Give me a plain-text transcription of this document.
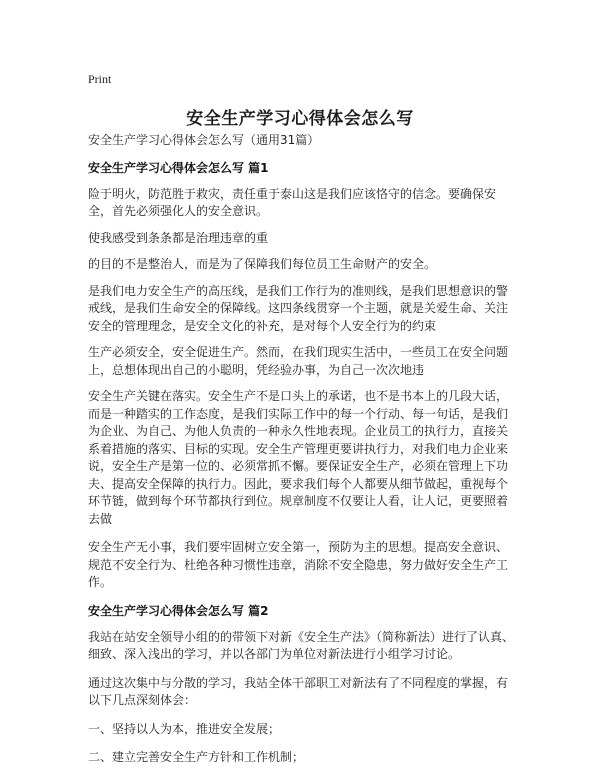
Print
安全生产学习心得体会怎么写

安全生产学习心得体会怎么写（通用31篇）

安全生产学习心得体会怎么写 篇1

险于明火，防范胜于救灾，责任重于泰山这是我们应该恪守的信念。要确保安全，首先必须强化人的安全意识。

使我感受到条条都是治理违章的重

的目的不是整治人，而是为了保障我们每位员工生命财产的安全。

是我们电力安全生产的高压线，是我们工作行为的准则线，是我们思想意识的警戒线，是我们生命安全的保障线。这四条线贯穿一个主题，就是关爱生命、关注安全的管理理念，是安全文化的补充，是对每个人安全行为的约束

生产必须安全，安全促进生产。然而，在我们现实生活中，一些员工在安全问题上，总想体现出自己的小聪明，凭经验办事，为自己一次次地违

安全生产关键在落实。安全生产不是口头上的承诺，也不是书本上的几段大话，而是一种踏实的工作态度，是我们实际工作中的每一个行动、每一句话，是我们为企业、为自己、为他人负责的一种永久性地表现。企业员工的执行力，直接关系着措施的落实、目标的实现。安全生产管理更要讲执行力，对我们电力企业来说，安全生产是第一位的、必须常抓不懈。要保证安全生产，必须在管理上下功夫、提高安全保障的执行力。因此，要求我们每个人都要从细节做起，重视每个环节链，做到每个环节都执行到位。规章制度不仅要让人看，让人记，更要照着去做

安全生产无小事，我们要牢固树立安全第一，预防为主的思想。提高安全意识、规范不安全行为、杜绝各种习惯性违章，消除不安全隐患，努力做好安全生产工作。

安全生产学习心得体会怎么写 篇2

我站在站安全领导小组的的带领下对新《安全生产法》（简称新法）进行了认真、细致、深入浅出的学习，并以各部门为单位对新法进行小组学习讨论。

通过这次集中与分散的学习，我站全体干部职工对新法有了不同程度的掌握，有以下几点深刻体会：

一、坚持以人为本，推进安全发展；

二、建立完善安全生产方针和工作机制；
